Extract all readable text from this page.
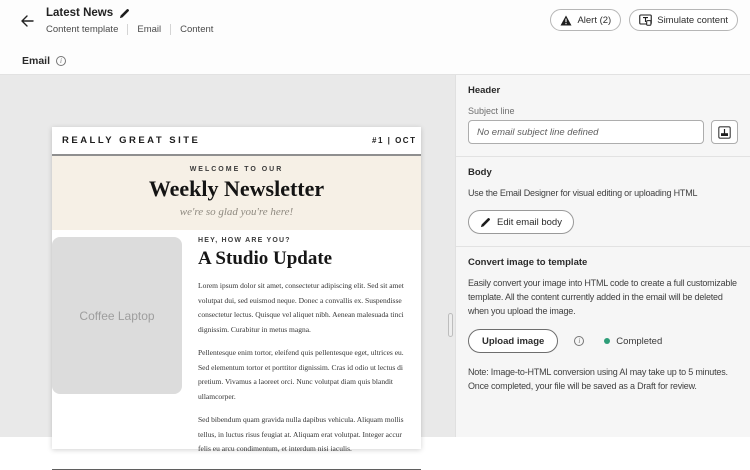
Latest News
Content template Email Content
Alert (2)	Simulate content
Email	i
REALLY GREAT SITE	#1 | OCT
WELCOME TO OUR
Weekly Newsletter
we're so glad you're here!
Coffee Laptop
HEY, HOW ARE YOU?
A Studio Update
Lorem ipsum dolor sit amet, consectetur adipiscing elit. Sed sit amet
volutpat dui, sed euismod neque. Donec a convallis ex. Suspendisse
consectetur lectus. Quisque vel aliquet nibh. Aenean malesuada tinci
dignissim. Curabitur in metus magna.
Pellentesque enim tortor, eleifend quis pellentesque eget, ultrices eu.
Sed elementum tortor et porttitor dignissim. Cras id odio ut lectus di
pretium. Vivamus a laoreet orci. Nunc volutpat diam quis blandit
ullamcorper.
Sed bibendum quam gravida nulla dapibus vehicula. Aliquam mollis
tellus, in luctus risus feugiat at. Aliquam erat volutpat. Integer accur
felis eu arcu condimentum, et interdum nisi iaculis.
Header
Subject line
No email subject line defined
Body
Use the Email Designer for visual editing or uploading HTML
Edit email body
Convert image to template
Easily convert your image into HTML code to create a full customizable template. All the content currently added in the email will be deleted when you upload the image.
Upload image	i	Completed
Note: Image-to-HTML conversion using AI may take up to 5 minutes. Once completed, your file will be saved as a Draft for review.
